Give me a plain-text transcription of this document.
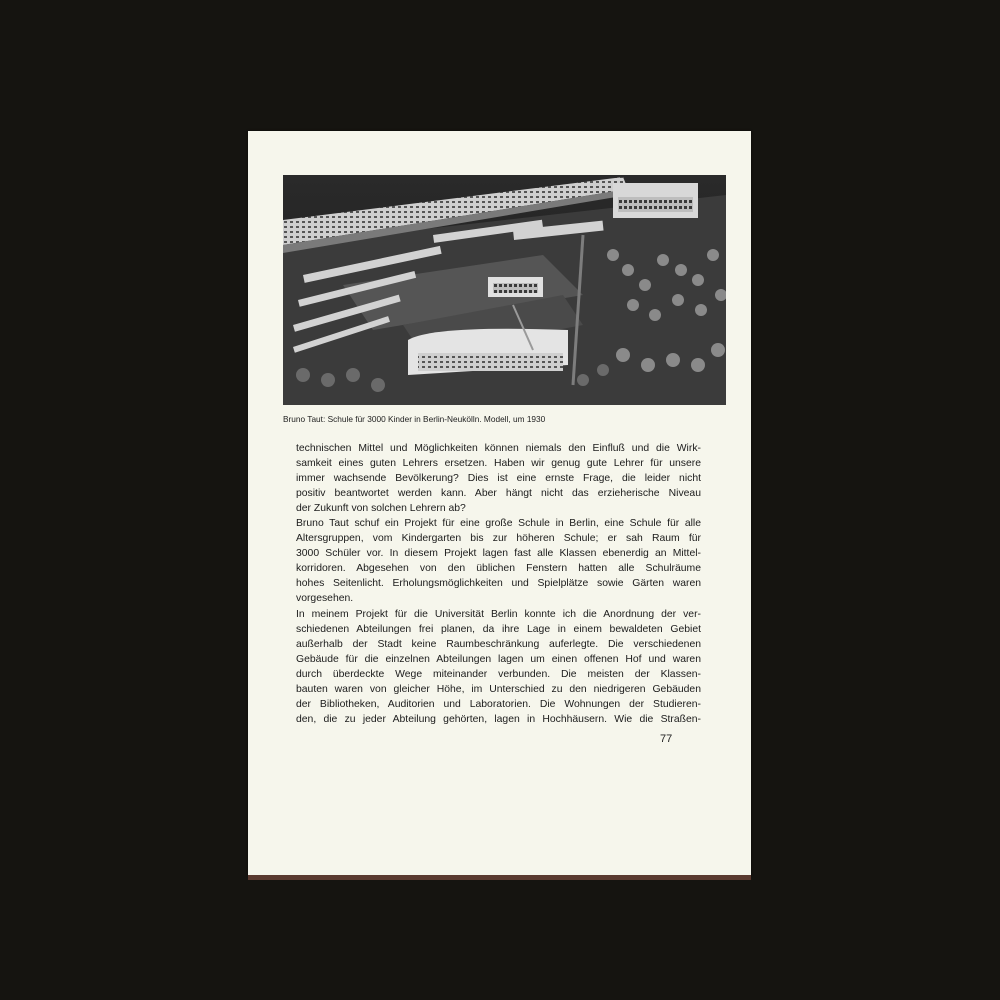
Bruno Taut: Schule für 3000 Kinder in Berlin-Neukölln. Modell, um 1930
technischen Mittel und Möglichkeiten können niemals den Einfluß und die Wirk-
samkeit eines guten Lehrers ersetzen. Haben wir genug gute Lehrer für unsere
immer wachsende Bevölkerung? Dies ist eine ernste Frage, die leider nicht
positiv beantwortet werden kann. Aber hängt nicht das erzieherische Niveau
der Zukunft von solchen Lehrern ab?
Bruno Taut schuf ein Projekt für eine große Schule in Berlin, eine Schule für alle
Altersgruppen, vom Kindergarten bis zur höheren Schule; er sah Raum für
3000 Schüler vor. In diesem Projekt lagen fast alle Klassen ebenerdig an Mittel-
korridoren. Abgesehen von den üblichen Fenstern hatten alle Schulräume
hohes Seitenlicht. Erholungsmöglichkeiten und Spielplätze sowie Gärten waren
vorgesehen.
In meinem Projekt für die Universität Berlin konnte ich die Anordnung der ver-
schiedenen Abteilungen frei planen, da ihre Lage in einem bewaldeten Gebiet
außerhalb der Stadt keine Raumbeschränkung auferlegte. Die verschiedenen
Gebäude für die einzelnen Abteilungen lagen um einen offenen Hof und waren
durch überdeckte Wege miteinander verbunden. Die meisten der Klassen-
bauten waren von gleicher Höhe, im Unterschied zu den niedrigeren Gebäuden
der Bibliotheken, Auditorien und Laboratorien. Die Wohnungen der Studieren-
den, die zu jeder Abteilung gehörten, lagen in Hochhäusern. Wie die Straßen-
77
